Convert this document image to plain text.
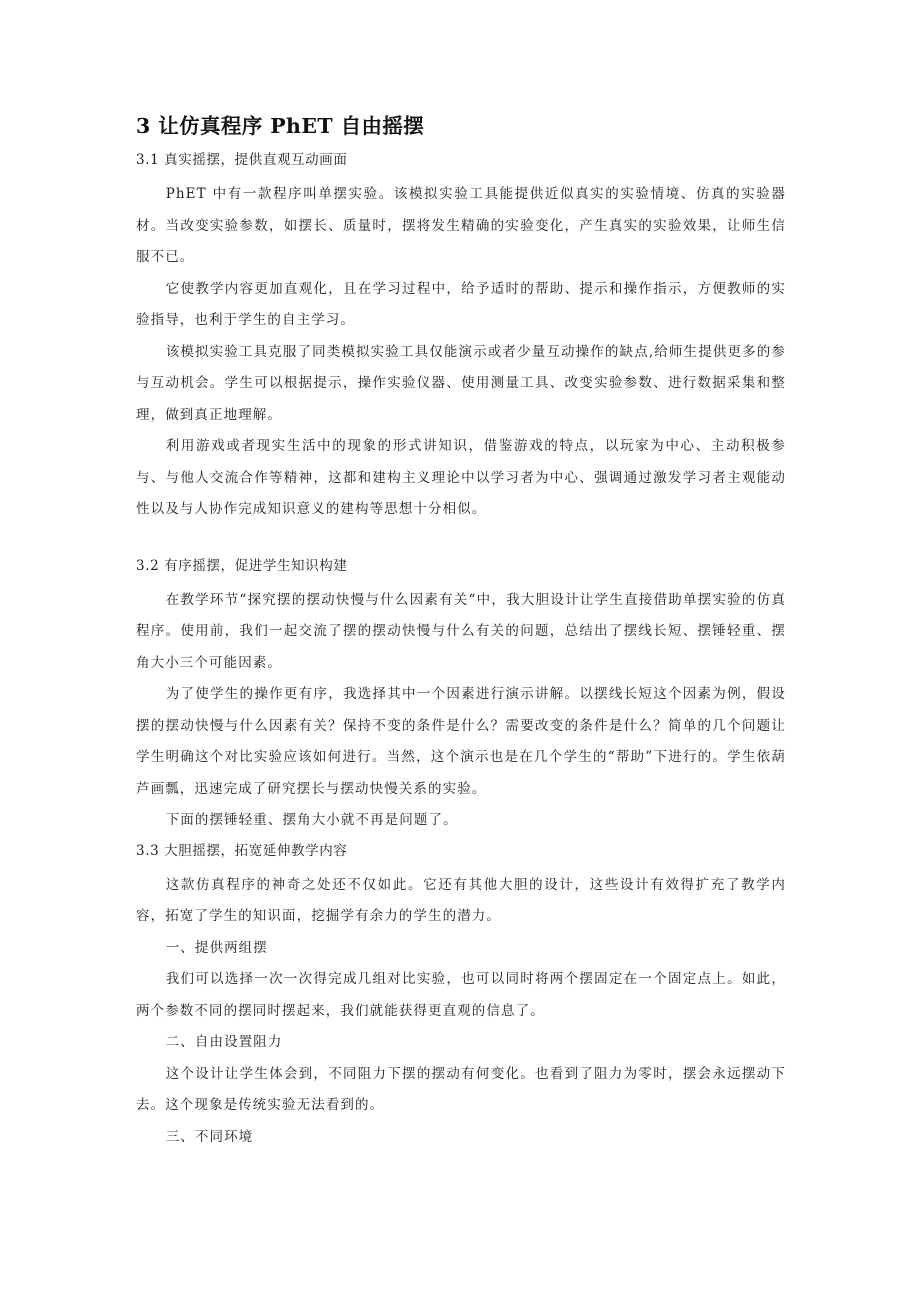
3 让仿真程序 PhET 自由摇摆
3.1 真实摇摆，提供直观互动画面

PhET 中有一款程序叫单摆实验。该模拟实验工具能提供近似真实的实验情境、仿真的实验器材。当改变实验参数，如摆长、质量时，摆将发生精确的实验变化，产生真实的实验效果，让师生信服不已。

它使教学内容更加直观化，且在学习过程中，给予适时的帮助、提示和操作指示，方便教师的实验指导，也利于学生的自主学习。

该模拟实验工具克服了同类模拟实验工具仅能演示或者少量互动操作的缺点,给师生提供更多的参与互动机会。学生可以根据提示，操作实验仪器、使用测量工具、改变实验参数、进行数据采集和整理，做到真正地理解。

利用游戏或者现实生活中的现象的形式讲知识，借鉴游戏的特点，以玩家为中心、主动积极参与、与他人交流合作等精神，这都和建构主义理论中以学习者为中心、强调通过激发学习者主观能动性以及与人协作完成知识意义的建构等思想十分相似。

3.2 有序摇摆，促进学生知识构建

在教学环节“探究摆的摆动快慢与什么因素有关“中，我大胆设计让学生直接借助单摆实验的仿真程序。使用前，我们一起交流了摆的摆动快慢与什么有关的问题，总结出了摆线长短、摆锤轻重、摆角大小三个可能因素。

为了使学生的操作更有序，我选择其中一个因素进行演示讲解。以摆线长短这个因素为例，假设摆的摆动快慢与什么因素有关？保持不变的条件是什么？需要改变的条件是什么？简单的几个问题让学生明确这个对比实验应该如何进行。当然，这个演示也是在几个学生的“帮助”下进行的。学生依葫芦画瓢，迅速完成了研究摆长与摆动快慢关系的实验。

下面的摆锤轻重、摆角大小就不再是问题了。

3.3 大胆摇摆，拓宽延伸教学内容

这款仿真程序的神奇之处还不仅如此。它还有其他大胆的设计，这些设计有效得扩充了教学内容，拓宽了学生的知识面，挖掘学有余力的学生的潜力。

一、提供两组摆

我们可以选择一次一次得完成几组对比实验，也可以同时将两个摆固定在一个固定点上。如此，两个参数不同的摆同时摆起来，我们就能获得更直观的信息了。

二、自由设置阻力

这个设计让学生体会到，不同阻力下摆的摆动有何变化。也看到了阻力为零时，摆会永远摆动下去。这个现象是传统实验无法看到的。

三、不同环境
